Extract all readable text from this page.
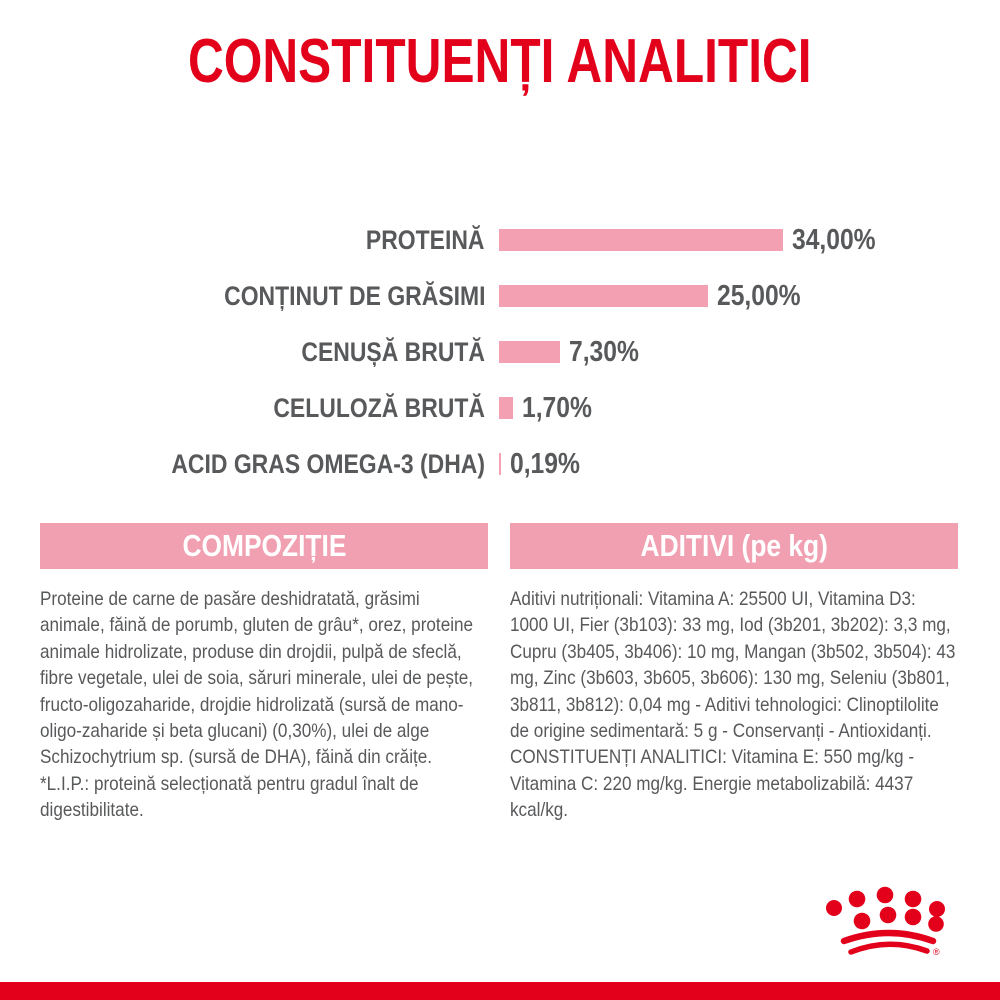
CONSTITUENȚI ANALITICI
PROTEINĂ	34,00%
CONȚINUT DE GRĂSIMI	25,00%
CENUȘĂ BRUTĂ	7,30%
CELULOZĂ BRUTĂ 1,70%
ACID GRAS OMEGA-3 (DHA) 0,19%
COMPOZIȚIE	ADITIVI (pe kg)

Proteine de carne de pasăre deshidratată, grăsimi animale, făină de porumb, gluten de grâu*, orez, proteine animale hidrolizate, produse din drojdii, pulpă de sfeclă, fibre vegetale, ulei de soia, săruri minerale, ulei de pește, fructo-oligozaharide, drojdie hidrolizată (sursă de mano-oligo-zaharide și beta glucani) (0,30%), ulei de alge Schizochytrium sp. (sursă de DHA), făină din crăițe.

*L.I.P.: proteină selecționată pentru gradul înalt de digestibilitate.

Aditivi nutriționali: Vitamina A: 25500 UI, Vitamina D3: 1000 UI, Fier (3b103): 33 mg, Iod (3b201, 3b202): 3,3 mg, Cupru (3b405, 3b406): 10 mg, Mangan (3b502, 3b504): 43 mg, Zinc (3b603, 3b605, 3b606): 130 mg, Seleniu (3b801, 3b811, 3b812): 0,04 mg - Aditivi tehnologici: Clinoptilolite de origine sedimentară: 5 g - Conservanți - Antioxidanți.

CONSTITUENȚI ANALITICI: Vitamina E: 550 mg/kg - Vitamina C: 220 mg/kg. Energie metabolizabilă: 4437 kcal/kg.

®
